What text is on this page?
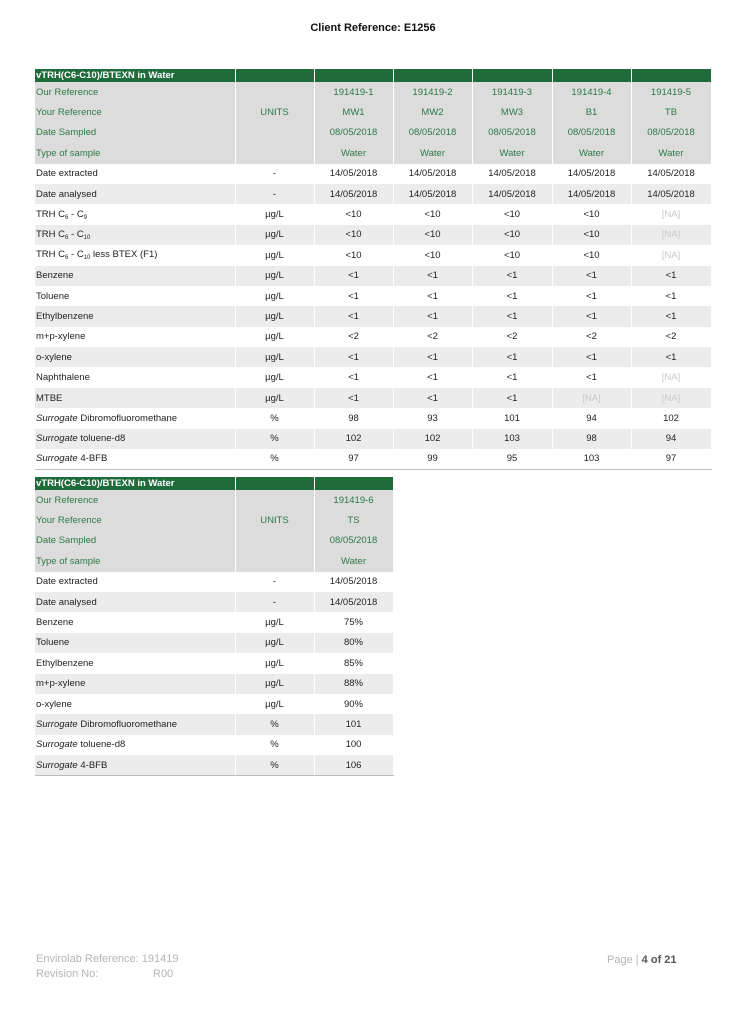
Client Reference: E1256
vTRH(C6-C10)/BTEXN in Water						
Our Reference		191419-1	191419-2	191419-3	191419-4	191419-5
Your Reference	UNITS	MW1	MW2	MW3	B1	TB
Date Sampled		08/05/2018	08/05/2018	08/05/2018	08/05/2018	08/05/2018
Type of sample		Water	Water	Water	Water	Water
Date extracted	-	14/05/2018	14/05/2018	14/05/2018	14/05/2018	14/05/2018
Date analysed	-	14/05/2018	14/05/2018	14/05/2018	14/05/2018	14/05/2018
TRH $C_6 - C_9$	µg/L	<10	<10	<10	<10	[NA]
TRH $C_6 - C_{10}$	µg/L	<10	<10	<10	<10	[NA]
TRH $C_6 - C_{10}$ less BTEX (F1)	µg/L	<10	<10	<10	<10	[NA]
Benzene	µg/L	<1	<1	<1	<1	<1
Toluene	µg/L	<1	<1	<1	<1	<1
Ethylbenzene	µg/L	<1	<1	<1	<1	<1
m+p-xylene	µg/L	<2	<2	<2	<2	<2
o-xylene	µg/L	<1	<1	<1	<1	<1
Naphthalene	µg/L	<1	<1	<1	<1	[NA]
MTBE	µg/L	<1	<1	<1	[NA]	[NA]
Surrogate Dibromofluoromethane	%	98	93	101	94	102
Surrogate toluene-d8	%	102	102	103	98	94
Surrogate 4-BFB	%	97	99	95	103	97
vTRH(C6-C10)/BTEXN in Water		
Our Reference		191419-6
Your Reference	UNITS	TS
Date Sampled		08/05/2018
Type of sample		Water
Date extracted	-	14/05/2018
Date analysed	-	14/05/2018
Benzene	µg/L	75%
Toluene	µg/L	80%
Ethylbenzene	µg/L	85%
m+p-xylene	µg/L	88%
o-xylene	µg/L	90%
Surrogate Dibromofluoromethane	%	101
Surrogate toluene-d8	%	100
Surrogate 4-BFB	%	106
Envirolab Reference: 191419
Revision No:	R00
Page | 4 of 21
